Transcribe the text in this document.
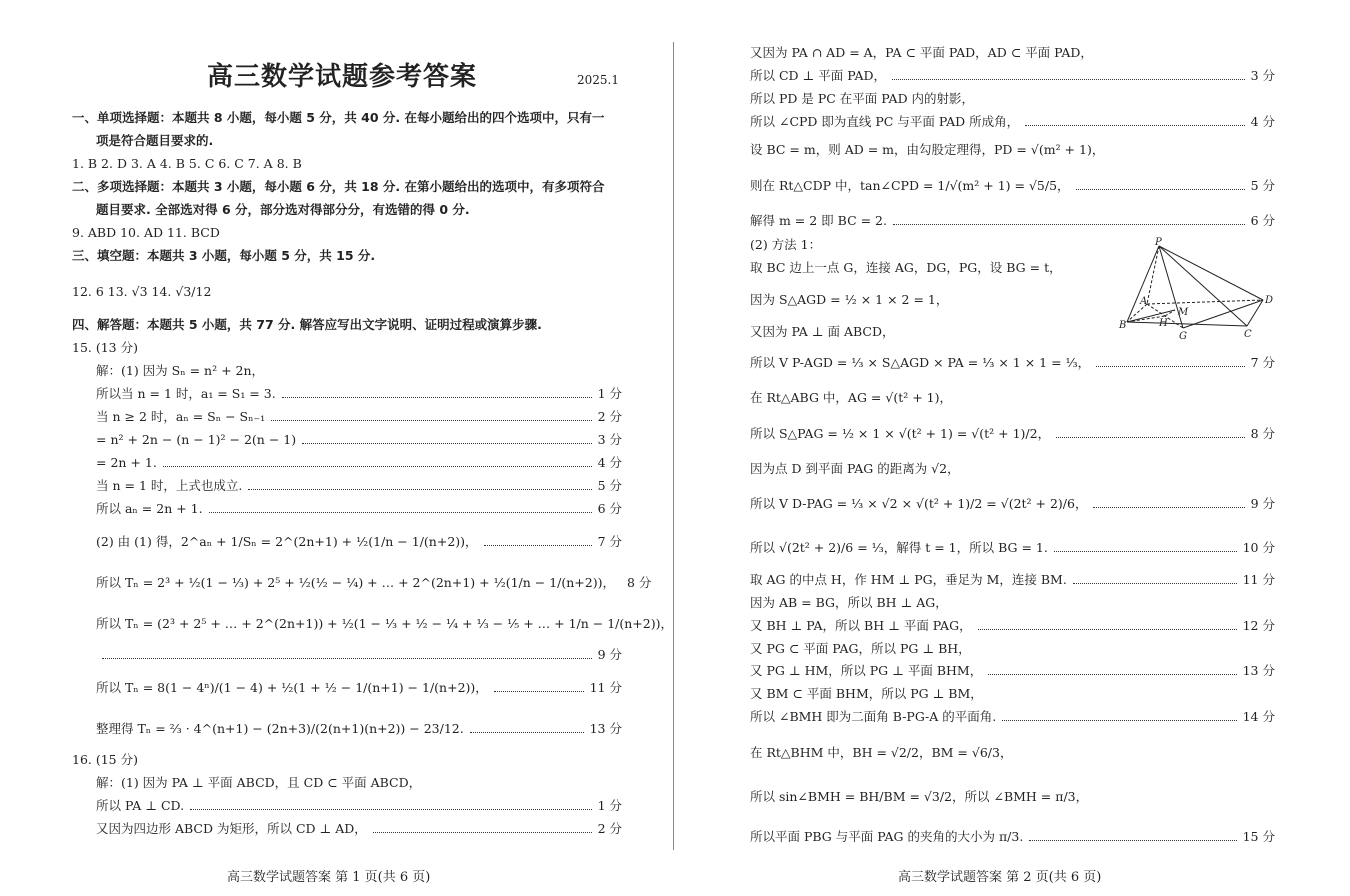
高三数学试题参考答案	2025.1
一、单项选择题：本题共 8 小题，每小题 5 分，共 40 分. 在每小题给出的四个选项中，只有一
项是符合题目要求的.
1. B 2. D 3. A 4. B 5. C 6. C 7. A 8. B
二、多项选择题：本题共 3 小题，每小题 6 分，共 18 分. 在第小题给出的选项中，有多项符合
题目要求. 全部选对得 6 分，部分选对得部分分，有选错的得 0 分.
9. ABD 10. AD 11. BCD
三、填空题：本题共 3 小题，每小题 5 分，共 15 分.
12. 6 13. √3 14. √3/12
四、解答题：本题共 5 小题，共 77 分. 解答应写出文字说明、证明过程或演算步骤.
15. (13 分)
解：(1) 因为 Sₙ = n² + 2n，
所以当 n = 1 时，a₁ = S₁ = 3.	1 分
当 n ≥ 2 时，aₙ = Sₙ − Sₙ₋₁	2 分
= n² + 2n − (n − 1)² − 2(n − 1)	3 分
= 2n + 1.	4 分
当 n = 1 时，上式也成立.	5 分
所以 aₙ = 2n + 1.	6 分
(2) 由 (1) 得，2^aₙ + 1/Sₙ = 2^(2n+1) + ½(1/n − 1/(n+2))，	7 分
所以 Tₙ = 2³ + ½(1 − ⅓) + 2⁵ + ½(½ − ¼) + … + 2^(2n+1) + ½(1/n − 1/(n+2))， 8 分
所以 Tₙ = (2³ + 2⁵ + … + 2^(2n+1)) + ½(1 − ⅓ + ½ − ¼ + ⅓ − ⅕ + … + 1/n − 1/(n+2))，
9 分
所以 Tₙ = 8(1 − 4ⁿ)/(1 − 4) + ½(1 + ½ − 1/(n+1) − 1/(n+2))，	11 分
整理得 Tₙ = ⅔ · 4^(n+1) − (2n+3)/(2(n+1)(n+2)) − 23/12.	13 分
16. (15 分)
解：(1) 因为 PA ⊥ 平面 ABCD，且 CD ⊂ 平面 ABCD，
所以 PA ⊥ CD.	1 分
又因为四边形 ABCD 为矩形，所以 CD ⊥ AD，	2 分
高三数学试题答案 第 1 页(共 6 页)
又因为 PA ∩ AD = A，PA ⊂ 平面 PAD，AD ⊂ 平面 PAD，
所以 CD ⊥ 平面 PAD，	3 分
所以 PD 是 PC 在平面 PAD 内的射影，
所以 ∠CPD 即为直线 PC 与平面 PAD 所成角，	4 分
设 BC = m，则 AD = m，由勾股定理得，PD = √(m² + 1)，
则在 Rt△CDP 中，tan∠CPD = 1/√(m² + 1) = √5/5，	5 分
解得 m = 2 即 BC = 2.	6 分
(2) 方法 1：
取 BC 边上一点 G，连接 AG，DG，PG，设 BG = t，
因为 S△AGD = ½ × 1 × 2 = 1，
又因为 PA ⊥ 面 ABCD，
所以 V P-AGD = ⅓ × S△AGD × PA = ⅓ × 1 × 1 = ⅓，	7 分
在 Rt△ABG 中，AG = √(t² + 1)，
所以 S△PAG = ½ × 1 × √(t² + 1) = √(t² + 1)/2，	8 分
因为点 D 到平面 PAG 的距离为 √2，
所以 V D-PAG = ⅓ × √2 × √(t² + 1)/2 = √(2t² + 2)/6，	9 分
所以 √(2t² + 2)/6 = ⅓，解得 t = 1，所以 BG = 1.	10 分
取 AG 的中点 H，作 HM ⊥ PG，垂足为 M，连接 BM.	11 分
因为 AB = BG，所以 BH ⊥ AG，
又 BH ⊥ PA，所以 BH ⊥ 平面 PAG，	12 分
又 PG ⊂ 平面 PAG，所以 PG ⊥ BH，
又 PG ⊥ HM，所以 PG ⊥ 平面 BHM，	13 分
又 BM ⊂ 平面 BHM，所以 PG ⊥ BM，
所以 ∠BMH 即为二面角 B-PG-A 的平面角.	14 分
在 Rt△BHM 中，BH = √2/2，BM = √6/3，
所以 sin∠BMH = BH/BM = √3/2，所以 ∠BMH = π/3，
所以平面 PBG 与平面 PAG 的夹角的大小为 π/3.	15 分
P
A
M
D
B	H
G	C
高三数学试题答案 第 2 页(共 6 页)
